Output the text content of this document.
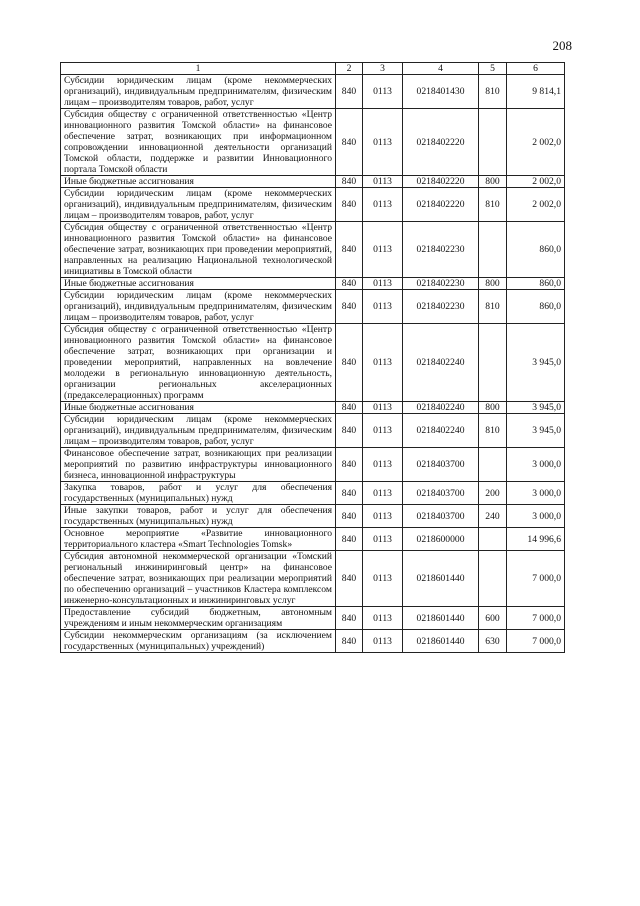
208
1	2	3	4	5	6
Субсидии юридическим лицам (кроме некоммерческих организаций), индивидуальным предпринимателям, физическим лицам – производителям товаров, работ, услуг	840	0113	0218401430	810	9 814,1
Субсидия обществу с ограниченной ответственностью «Центр инновационного развития Томской области» на финансовое обеспечение затрат, возникающих при информационном сопровождении инновационной деятельности организаций Томской области, поддержке и развитии Инновационного портала Томской области	840	0113	0218402220		2 002,0
Иные бюджетные ассигнования	840	0113	0218402220	800	2 002,0
Субсидии юридическим лицам (кроме некоммерческих организаций), индивидуальным предпринимателям, физическим лицам – производителям товаров, работ, услуг	840	0113	0218402220	810	2 002,0
Субсидия обществу с ограниченной ответственностью «Центр инновационного развития Томской области» на финансовое обеспечение затрат, возникающих при проведении мероприятий, направленных на реализацию Национальной технологической инициативы в Томской области	840	0113	0218402230		860,0
Иные бюджетные ассигнования	840	0113	0218402230	800	860,0
Субсидии юридическим лицам (кроме некоммерческих организаций), индивидуальным предпринимателям, физическим лицам – производителям товаров, работ, услуг	840	0113	0218402230	810	860,0
Субсидия обществу с ограниченной ответственностью «Центр инновационного развития Томской области» на финансовое обеспечение затрат, возникающих при организации и проведении мероприятий, направленных на вовлечение молодежи в региональную инновационную деятельность, организации региональных акселерационных (предакселерационных) программ	840	0113	0218402240		3 945,0
Иные бюджетные ассигнования	840	0113	0218402240	800	3 945,0
Субсидии юридическим лицам (кроме некоммерческих организаций), индивидуальным предпринимателям, физическим лицам – производителям товаров, работ, услуг	840	0113	0218402240	810	3 945,0
Финансовое обеспечение затрат, возникающих при реализации мероприятий по развитию инфраструктуры инновационного бизнеса, инновационной инфраструктуры	840	0113	0218403700		3 000,0
Закупка товаров, работ и услуг для обеспечения государственных (муниципальных) нужд	840	0113	0218403700	200	3 000,0
Иные закупки товаров, работ и услуг для обеспечения государственных (муниципальных) нужд	840	0113	0218403700	240	3 000,0
Основное мероприятие «Развитие инновационного территориального кластера «Smart Technologies Tomsk»	840	0113	0218600000		14 996,6
Субсидия автономной некоммерческой организации «Томский региональный инжиниринговый центр» на финансовое обеспечение затрат, возникающих при реализации мероприятий по обеспечению организаций – участников Кластера комплексом инженерно-консультационных и инжиниринговых услуг	840	0113	0218601440		7 000,0
Предоставление субсидий бюджетным, автономным учреждениям и иным некоммерческим организациям	840	0113	0218601440	600	7 000,0
Субсидии некоммерческим организациям (за исключением государственных (муниципальных) учреждений)	840	0113	0218601440	630	7 000,0
